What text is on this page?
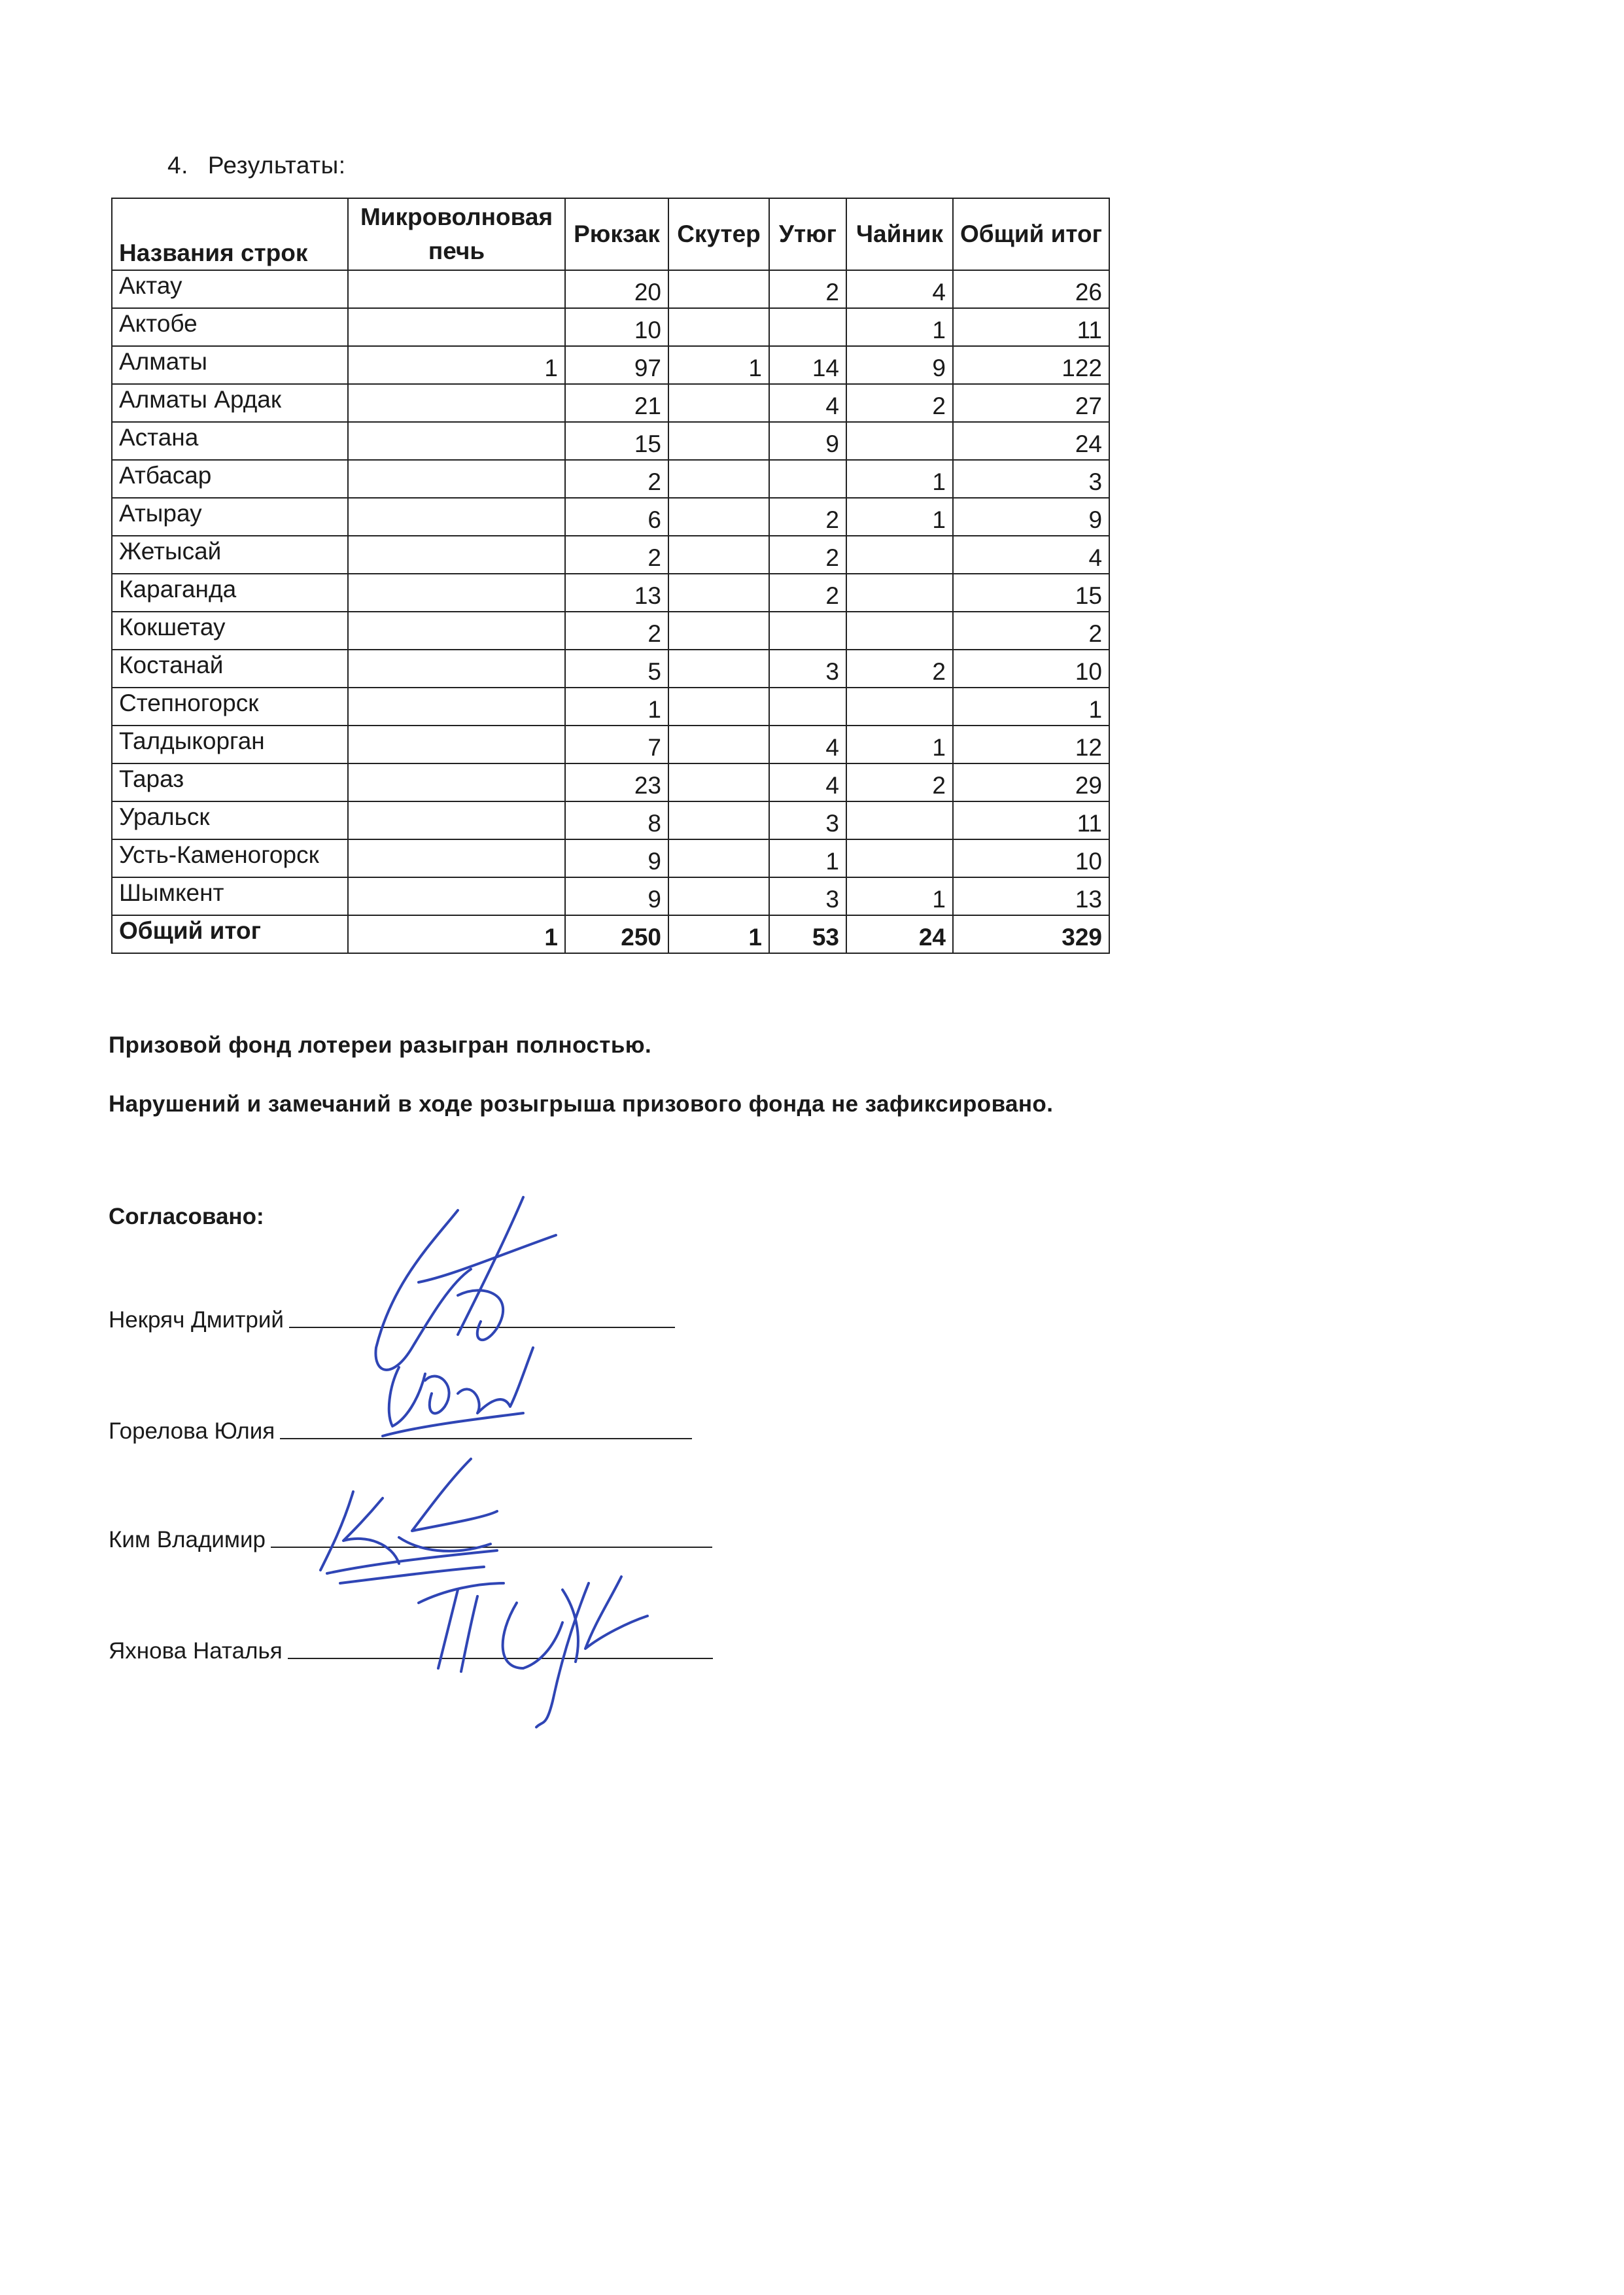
4. Результаты:
Названия строк	Микроволновая печь	Рюкзак	Скутер	Утюг	Чайник	Общий итог
Актау		20		2	4	26
Актобе		10			1	11
Алматы	1	97	1	14	9	122
Алматы Ардак		21		4	2	27
Астана		15		9		24
Атбасар		2			1	3
Атырау		6		2	1	9
Жетысай		2		2		4
Караганда		13		2		15
Кокшетау		2				2
Костанай		5		3	2	10
Степногорск		1				1
Талдыкорган		7		4	1	12
Тараз		23		4	2	29
Уральск		8		3		11
Усть-Каменогорск		9		1		10
Шымкент		9		3	1	13
Общий итог	1	250	1	53	24	329
Призовой фонд лотереи разыгран полностью.
Нарушений и замечаний в ходе розыгрыша призового фонда не зафиксировано.
Согласовано:
Некряч Дмитрий
Горелова Юлия
Ким Владимир
Яхнова Наталья
